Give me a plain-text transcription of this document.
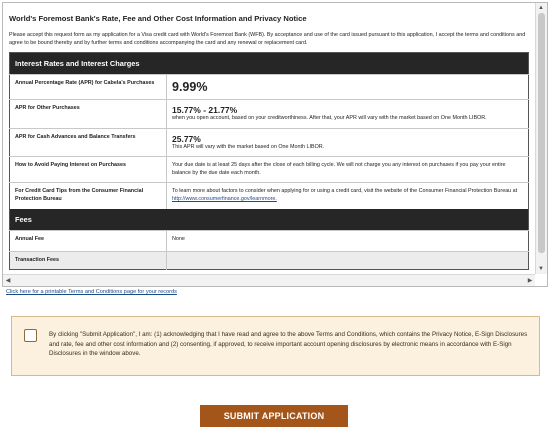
World's Foremost Bank's Rate, Fee and Other Cost Information and Privacy Notice
Please accept this request form as my application for a Visa credit card with World's Foremost Bank (WFB). By acceptance and use of the card issued pursuant to this application, I accept the terms and conditions and agree to be bound thereby and by further terms and conditions accompanying the card and any renewal or replacement card.
Interest Rates and Interest Charges	
Annual Percentage Rate (APR) for Cabela's Purchases	9.99%

APR for Other Purchases	15.77% - 21.77%
when you open account, based on your creditworthiness. After that, your APR will vary with the market based on One Month LIBOR.

APR for Cash Advances and Balance Transfers	25.77%
This APR will vary with the market based on One Month LIBOR.

How to Avoid Paying Interest on Purchases	Your due date is at least 25 days after the close of each billing cycle. We will not charge you any interest on purchases if you pay your entire balance by the due date each month.
For Credit Card Tips from the Consumer Financial Protection Bureau	To learn more about factors to consider when applying for or using a credit card, visit the website of the Consumer Financial Protection Bureau at http://www.consumerfinance.gov/learnmore.
Fees	
Annual Fee	None
Transaction Fees	
▲
▼
◀	▶
Click here for a printable Terms and Conditions page for your records
By clicking "Submit Application", I am: (1) acknowledging that I have read and agree to the above Terms and Conditions, which contains the Privacy Notice, E-Sign Disclosures and rate, fee and other cost information and (2) consenting, if approved, to receive important account opening disclosures by electronic means in accordance with E-Sign Disclosures in the window above.
SUBMIT APPLICATION
